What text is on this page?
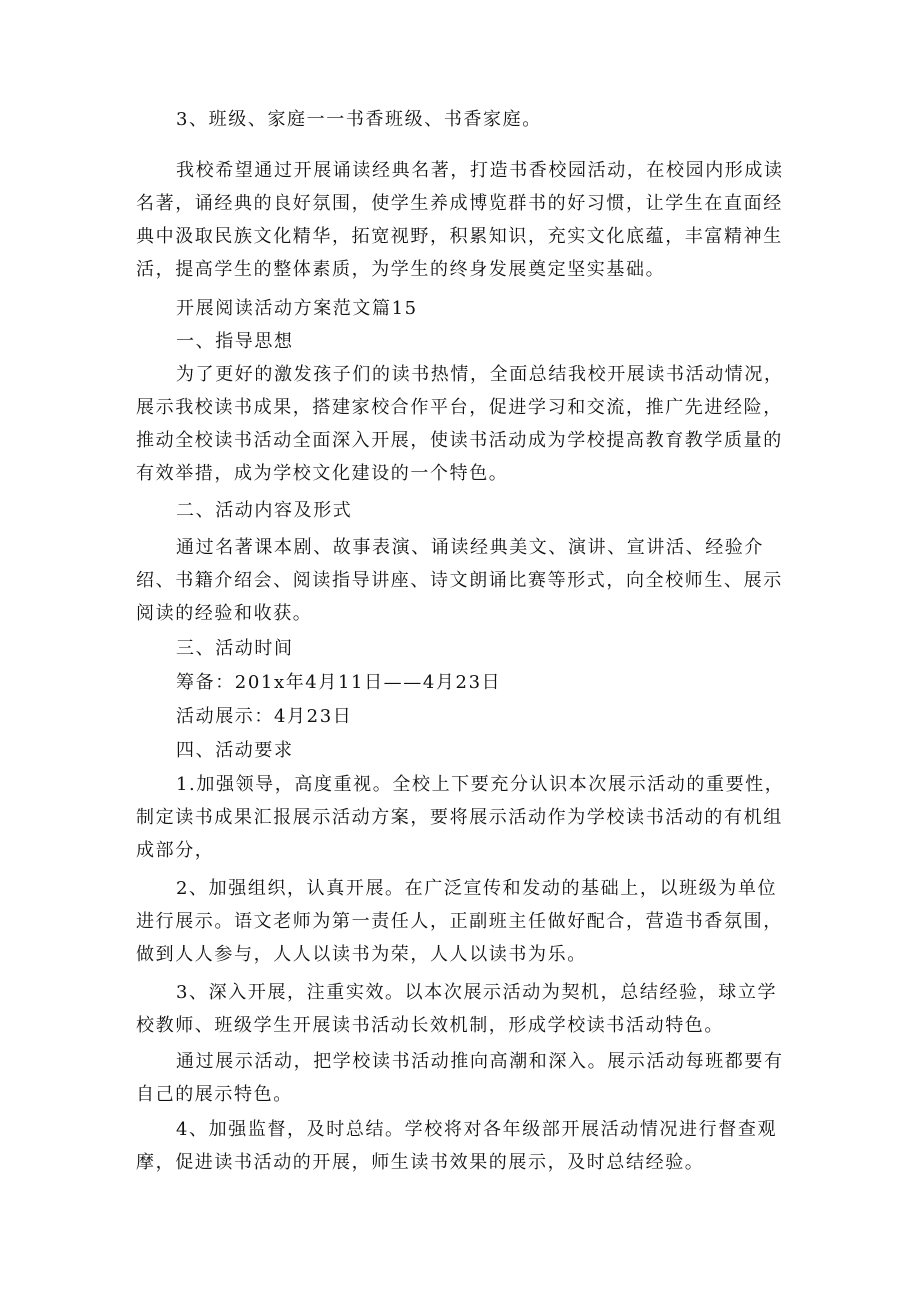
3、班级、家庭一一书香班级、书香家庭。

我校希望通过开展诵读经典名著，打造书香校园活动，在校园内形成读名著，诵经典的良好氛围，使学生养成博览群书的好习惯，让学生在直面经典中汲取民族文化精华，拓宽视野，积累知识，充实文化底蕴，丰富精神生活，提高学生的整体素质，为学生的终身发展奠定坚实基础。

开展阅读活动方案范文篇15

一、指导思想

为了更好的激发孩子们的读书热情，全面总结我校开展读书活动情况，展示我校读书成果，搭建家校合作平台，促进学习和交流，推广先进经险，推动全校读书活动全面深入开展，使读书活动成为学校提高教育教学质量的有效举措，成为学校文化建设的一个特色。

二、活动内容及形式

通过名著课本剧、故事表演、诵读经典美文、演讲、宣讲活、经验介绍、书籍介绍会、阅读指导讲座、诗文朗诵比赛等形式，向全校师生、展示阅读的经验和收获。

三、活动时间

筹备：201x年4月11日——4月23日

活动展示：4月23日

四、活动要求

1.加强领导，高度重视。全校上下要充分认识本次展示活动的重要性，制定读书成果汇报展示活动方案，要将展示活动作为学校读书活动的有机组成部分，

2、加强组织，认真开展。在广泛宣传和发动的基础上，以班级为单位进行展示。语文老师为第一责任人，正副班主任做好配合，营造书香氛围，做到人人参与，人人以读书为荣，人人以读书为乐。

3、深入开展，注重实效。以本次展示活动为契机，总结经验，球立学校教师、班级学生开展读书活动长效机制，形成学校读书活动特色。

通过展示活动，把学校读书活动推向高潮和深入。展示活动每班都要有自己的展示特色。

4、加强监督，及时总结。学校将对各年级部开展活动情况进行督查观摩，促进读书活动的开展，师生读书效果的展示，及时总结经验。
